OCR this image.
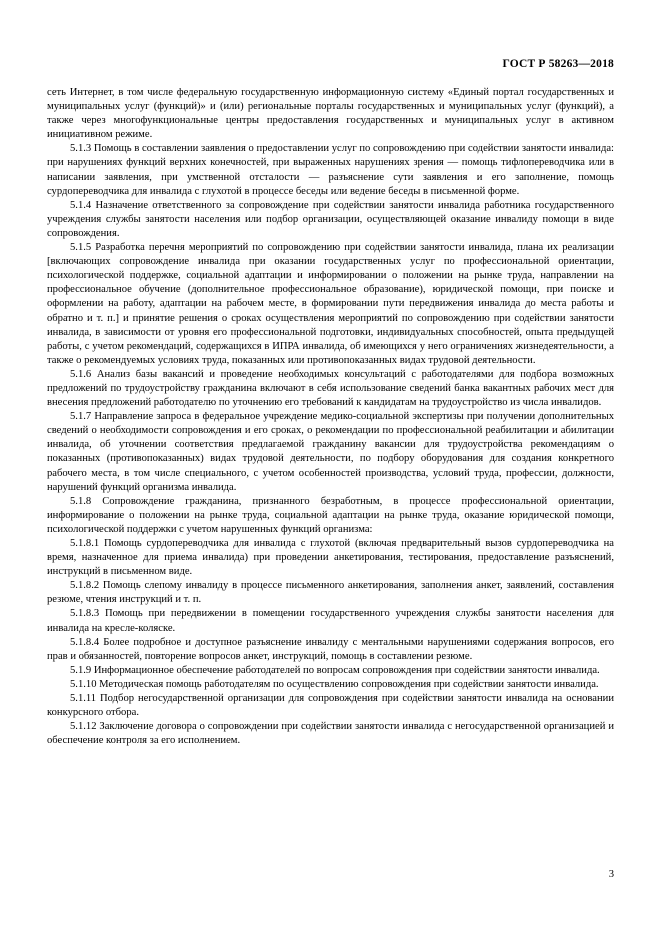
ГОСТ Р 58263—2018

сеть Интернет, в том числе федеральную государственную информационную систему «Единый портал государственных и муниципальных услуг (функций)» и (или) региональные порталы государственных и муниципальных услуг (функций), а также через многофункциональные центры предоставления государственных и муниципальных услуг в активном инициативном режиме.

5.1.3 Помощь в составлении заявления о предоставлении услуг по сопровождению при содействии занятости инвалида: при нарушениях функций верхних конечностей, при выраженных нарушениях зрения — помощь тифлопереводчика или в написании заявления, при умственной отсталости — разъяснение сути заявления и его заполнение, помощь сурдопереводчика для инвалида с глухотой в процессе беседы или ведение беседы в письменной форме.

5.1.4 Назначение ответственного за сопровождение при содействии занятости инвалида работника государственного учреждения службы занятости населения или подбор организации, осуществляющей оказание инвалиду помощи в виде сопровождения.

5.1.5 Разработка перечня мероприятий по сопровождению при содействии занятости инвалида, плана их реализации [включающих сопровождение инвалида при оказании государственных услуг по профессиональной ориентации, психологической поддержке, социальной адаптации и информировании о положении на рынке труда, направлении на профессиональное обучение (дополнительное профессиональное образование), юридической помощи, при поиске и оформлении на работу, адаптации на рабочем месте, в формировании пути передвижения инвалида до места работы и обратно и т. п.] и принятие решения о сроках осуществления мероприятий по сопровождению при содействии занятости инвалида, в зависимости от уровня его профессиональной подготовки, индивидуальных способностей, опыта предыдущей работы, с учетом рекомендаций, содержащихся в ИПРА инвалида, об имеющихся у него ограничениях жизнедеятельности, а также о рекомендуемых условиях труда, показанных или противопоказанных видах трудовой деятельности.

5.1.6 Анализ базы вакансий и проведение необходимых консультаций с работодателями для подбора возможных предложений по трудоустройству гражданина включают в себя использование сведений банка вакантных рабочих мест для внесения предложений работодателю по уточнению его требований к кандидатам на трудоустройство из числа инвалидов.

5.1.7 Направление запроса в федеральное учреждение медико-социальной экспертизы при получении дополнительных сведений о необходимости сопровождения и его сроках, о рекомендации по профессиональной реабилитации и абилитации инвалида, об уточнении соответствия предлагаемой гражданину вакансии для трудоустройства рекомендациям о показанных (противопоказанных) видах трудовой деятельности, по подбору оборудования для создания конкретного рабочего места, в том числе специального, с учетом особенностей производства, условий труда, профессии, должности, нарушений функций организма инвалида.

5.1.8 Сопровождение гражданина, признанного безработным, в процессе профессиональной ориентации, информирование о положении на рынке труда, социальной адаптации на рынке труда, оказание юридической помощи, психологической поддержки с учетом нарушенных функций организма:

5.1.8.1 Помощь сурдопереводчика для инвалида с глухотой (включая предварительный вызов сурдопереводчика на время, назначенное для приема инвалида) при проведении анкетирования, тестирования, предоставление разъяснений, инструкций в письменном виде.

5.1.8.2 Помощь слепому инвалиду в процессе письменного анкетирования, заполнения анкет, заявлений, составления резюме, чтения инструкций и т. п.

5.1.8.3 Помощь при передвижении в помещении государственного учреждения службы занятости населения для инвалида на кресле-коляске.

5.1.8.4 Более подробное и доступное разъяснение инвалиду с ментальными нарушениями содержания вопросов, его прав и обязанностей, повторение вопросов анкет, инструкций, помощь в составлении резюме.

5.1.9 Информационное обеспечение работодателей по вопросам сопровождения при содействии занятости инвалида.

5.1.10 Методическая помощь работодателям по осуществлению сопровождения при содействии занятости инвалида.

5.1.11 Подбор негосударственной организации для сопровождения при содействии занятости инвалида на основании конкурсного отбора.

5.1.12 Заключение договора о сопровождении при содействии занятости инвалида с негосударственной организацией и обеспечение контроля за его исполнением.

3
